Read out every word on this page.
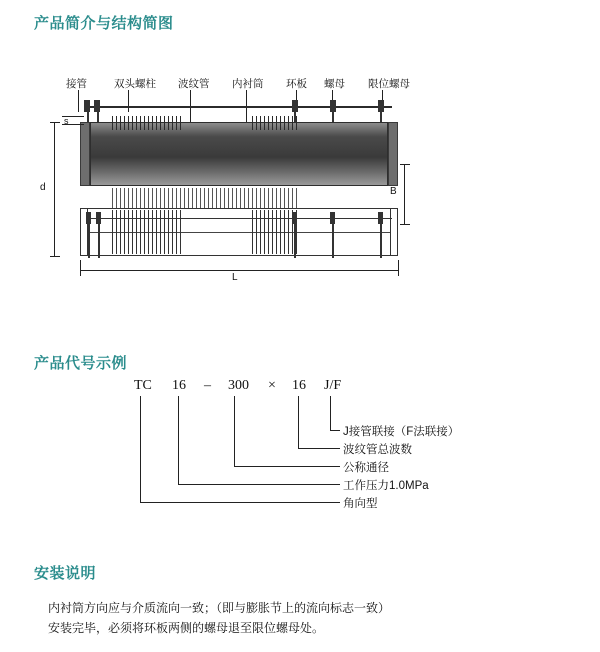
产品简介与结构简图
产品代号示例
安装说明
接管	双头螺柱 波纹管 内衬筒 环板 螺母 限位螺母
s
d	B
L
TC 16 – 300 × 16 J/F
J接管联接（F法联接）
波纹管总波数
公称通径
工作压力1.0MPa
角向型
内衬筒方向应与介质流向一致；（即与膨胀节上的流向标志一致）
安装完毕，必须将环板两侧的螺母退至限位螺母处。
